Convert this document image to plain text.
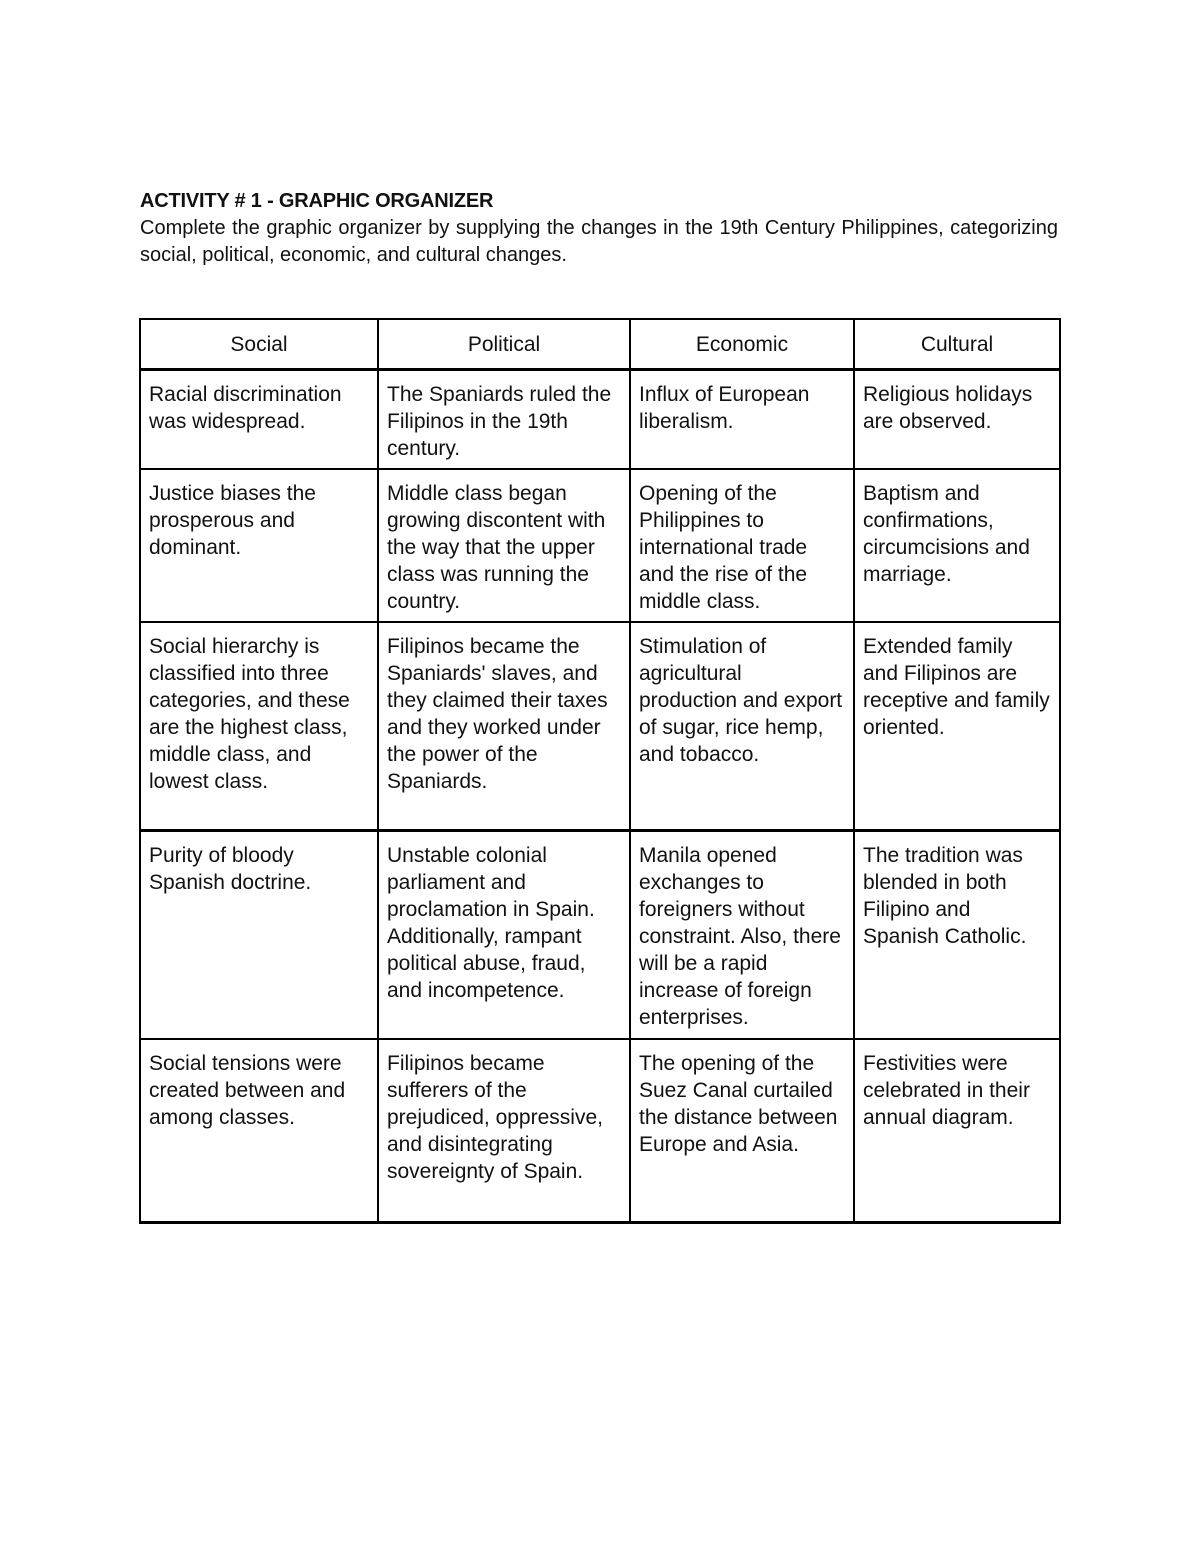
ACTIVITY # 1 - GRAPHIC ORGANIZER

Complete the graphic organizer by supplying the changes in the 19th Century Philippines, categorizing social, political, economic, and cultural changes.

Social	Political	Economic	Cultural
Racial discrimination was widespread.	The Spaniards ruled the Filipinos in the 19th century.	Influx of European liberalism.	Religious holidays are observed.
Justice biases the prosperous and dominant.	Middle class began growing discontent with the way that the upper class was running the country.	Opening of the Philippines to international trade and the rise of the middle class.	Baptism and confirmations, circumcisions and marriage.
Social hierarchy is classified into three categories, and these are the highest class, middle class, and lowest class.	Filipinos became the Spaniards' slaves, and they claimed their taxes and they worked under the power of the Spaniards.	Stimulation of agricultural production and export of sugar, rice hemp, and tobacco.	Extended family and Filipinos are receptive and family oriented.
Purity of bloody Spanish doctrine.	Unstable colonial parliament and proclamation in Spain. Additionally, rampant political abuse, fraud, and incompetence.	Manila opened exchanges to foreigners without constraint. Also, there will be a rapid increase of foreign enterprises.	The tradition was blended in both Filipino and Spanish Catholic.
Social tensions were created between and among classes.	Filipinos became sufferers of the prejudiced, oppressive, and disintegrating sovereignty of Spain.	The opening of the Suez Canal curtailed the distance between Europe and Asia.	Festivities were celebrated in their annual diagram.
